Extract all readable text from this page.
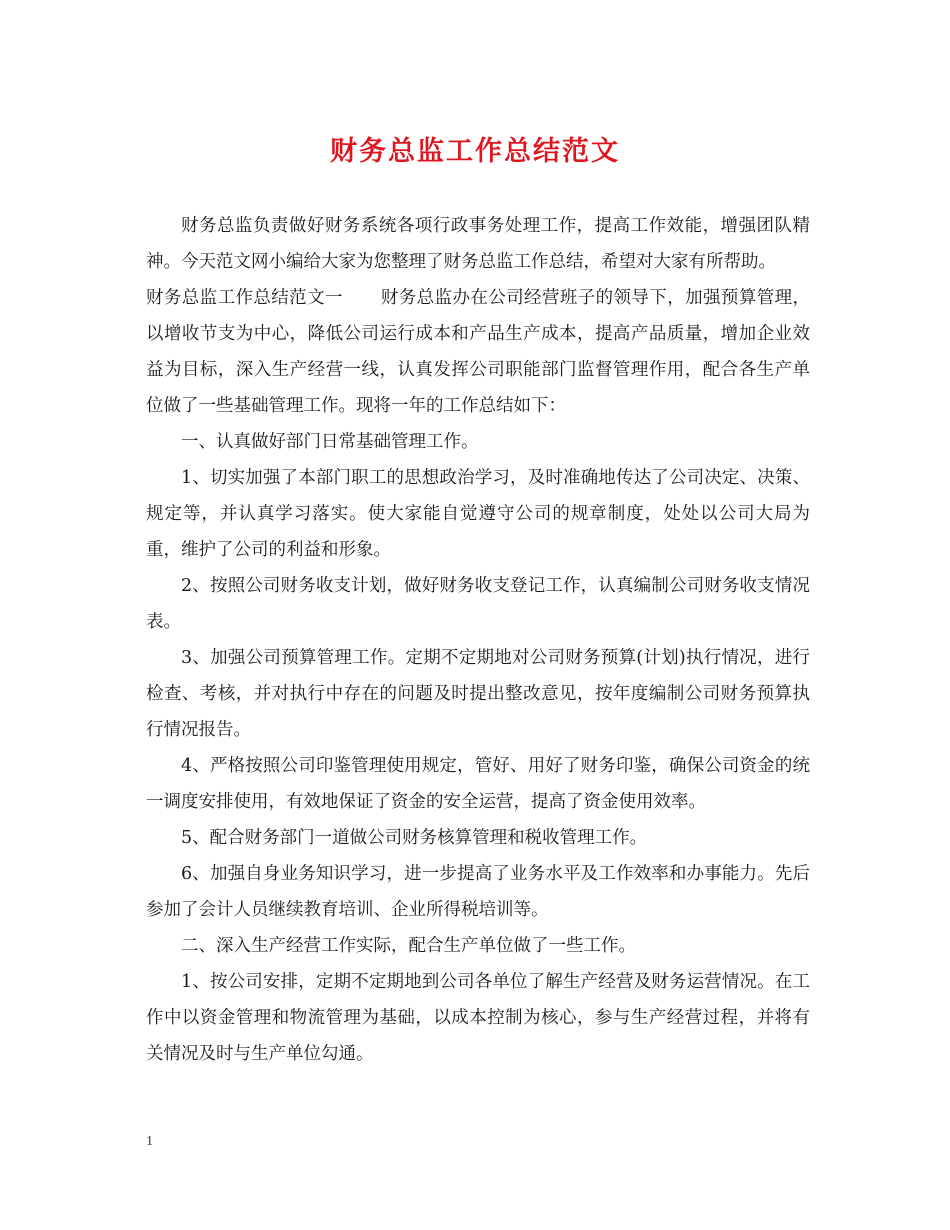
财务总监工作总结范文

财务总监负责做好财务系统各项行政事务处理工作，提高工作效能，增强团队精神。今天范文网小编给大家为您整理了财务总监工作总结，希望对大家有所帮助。

财务总监工作总结范文一 财务总监办在公司经营班子的领导下，加强预算管理，以增收节支为中心，降低公司运行成本和产品生产成本，提高产品质量，增加企业效益为目标，深入生产经营一线，认真发挥公司职能部门监督管理作用，配合各生产单位做了一些基础管理工作。现将一年的工作总结如下：

一、认真做好部门日常基础管理工作。

1、切实加强了本部门职工的思想政治学习，及时准确地传达了公司决定、决策、规定等，并认真学习落实。使大家能自觉遵守公司的规章制度，处处以公司大局为重，维护了公司的利益和形象。

2、按照公司财务收支计划，做好财务收支登记工作，认真编制公司财务收支情况表。

3、加强公司预算管理工作。定期不定期地对公司财务预算(计划)执行情况，进行检查、考核，并对执行中存在的问题及时提出整改意见，按年度编制公司财务预算执行情况报告。

4、严格按照公司印鉴管理使用规定，管好、用好了财务印鉴，确保公司资金的统一调度安排使用，有效地保证了资金的安全运营，提高了资金使用效率。

5、配合财务部门一道做公司财务核算管理和税收管理工作。

6、加强自身业务知识学习，进一步提高了业务水平及工作效率和办事能力。先后参加了会计人员继续教育培训、企业所得税培训等。

二、深入生产经营工作实际，配合生产单位做了一些工作。

1、按公司安排，定期不定期地到公司各单位了解生产经营及财务运营情况。在工作中以资金管理和物流管理为基础，以成本控制为核心，参与生产经营过程，并将有关情况及时与生产单位勾通。

1
